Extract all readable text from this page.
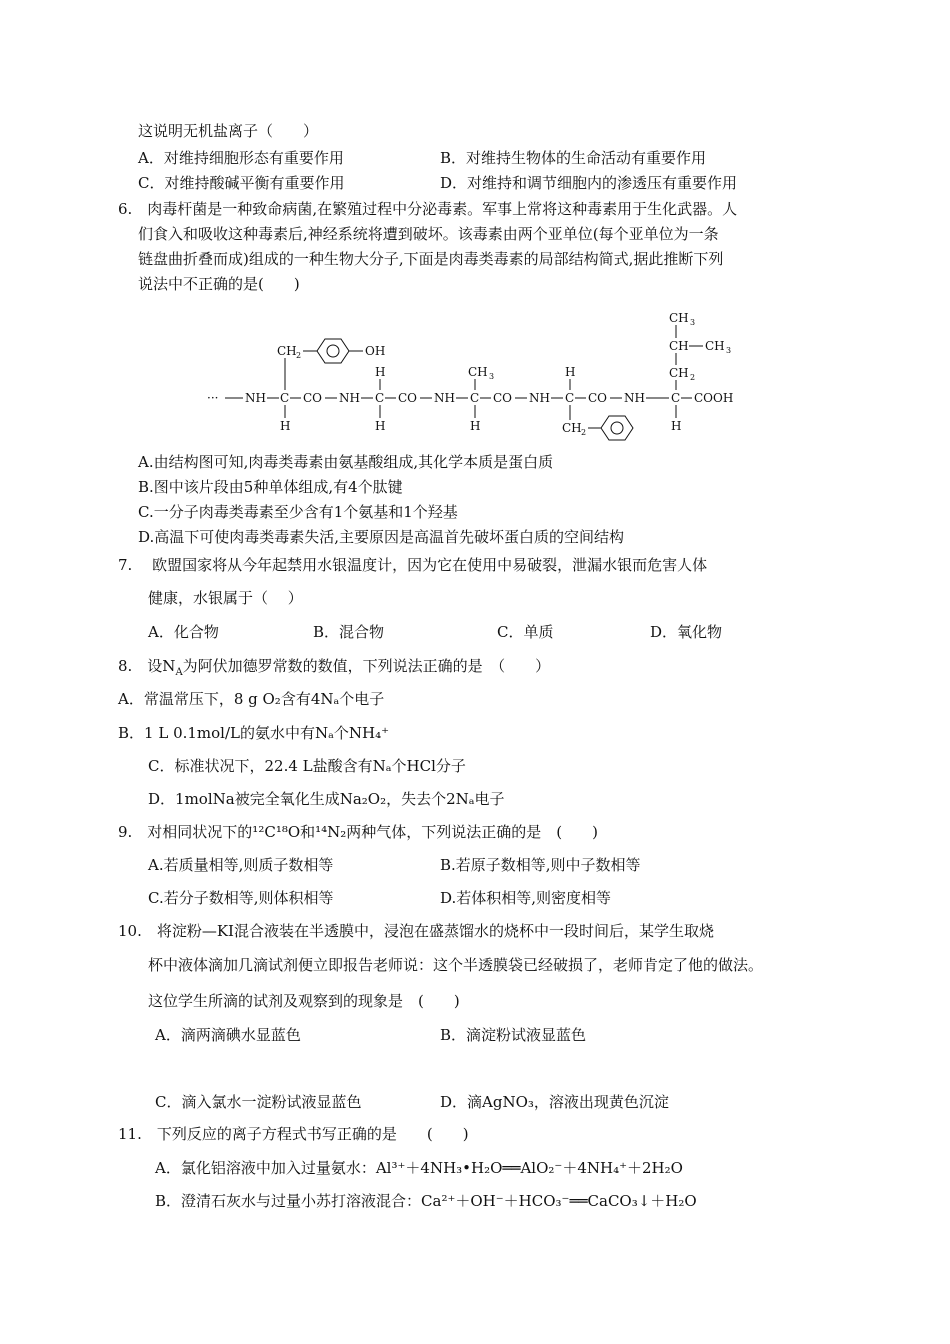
这说明无机盐离子（　　）
A．对维持细胞形态有重要作用	B．对维持生物体的生命活动有重要作用
C．对维持酸碱平衡有重要作用	D．对维持和调节细胞内的渗透压有重要作用
6.　肉毒杆菌是一种致命病菌,在繁殖过程中分泌毒素。军事上常将这种毒素用于生化武器。人
们食入和吸收这种毒素后,神经系统将遭到破坏。该毒素由两个亚单位(每个亚单位为一条
链盘曲折叠而成)组成的一种生物大分子,下面是肉毒类毒素的局部结构简式,据此推断下列
说法中不正确的是(　　)
··· NH C CO NH C CO NH C CO NH C CO NH C COOH
CH 2	OH
H
H
H
CH 3
H
H
CH 2
CH 3
CH CH 3
CH 2
H
A.由结构图可知,肉毒类毒素由氨基酸组成,其化学本质是蛋白质
B.图中该片段由5种单体组成,有4个肽键
C.一分子肉毒类毒素至少含有1个氨基和1个羟基
D.高温下可使肉毒类毒素失活,主要原因是高温首先破坏蛋白质的空间结构
7.　 欧盟国家将从今年起禁用水银温度计，因为它在使用中易破裂，泄漏水银而危害人体
健康，水银属于（　 ）
A．化合物	B．混合物	C．单质	D．氧化物
8.　设$N_A$为阿伏加德罗常数的数值，下列说法正确的是　（　　）
A．常温常压下，8 g O₂含有4Nₐ个电子
B．1 L 0.1mol/L的氨水中有Nₐ个NH₄⁺
C．标准状况下，22.4 L盐酸含有Nₐ个HCl分子
D．1molNa被完全氧化生成Na₂O₂，失去个2Nₐ电子
9.　对相同状况下的¹²C¹⁸O和¹⁴N₂两种气体，下列说法正确的是　(　　)
A.若质量相等,则质子数相等	B.若原子数相等,则中子数相等
C.若分子数相等,则体积相等	D.若体积相等,则密度相等
10.　将淀粉—KI混合液装在半透膜中，浸泡在盛蒸馏水的烧杯中一段时间后，某学生取烧
杯中液体滴加几滴试剂便立即报告老师说：这个半透膜袋已经破损了，老师肯定了他的做法。
这位学生所滴的试剂及观察到的现象是　(　　)
A．滴两滴碘水显蓝色	B．滴淀粉试液显蓝色
C．滴入氯水一淀粉试液显蓝色	D．滴AgNO₃，溶液出现黄色沉淀
11.　下列反应的离子方程式书写正确的是　　(　　)
A．氯化铝溶液中加入过量氨水：Al³⁺＋4NH₃•H₂O══AlO₂⁻＋4NH₄⁺＋2H₂O
B．澄清石灰水与过量小苏打溶液混合：Ca²⁺＋OH⁻＋HCO₃⁻══CaCO₃↓＋H₂O
